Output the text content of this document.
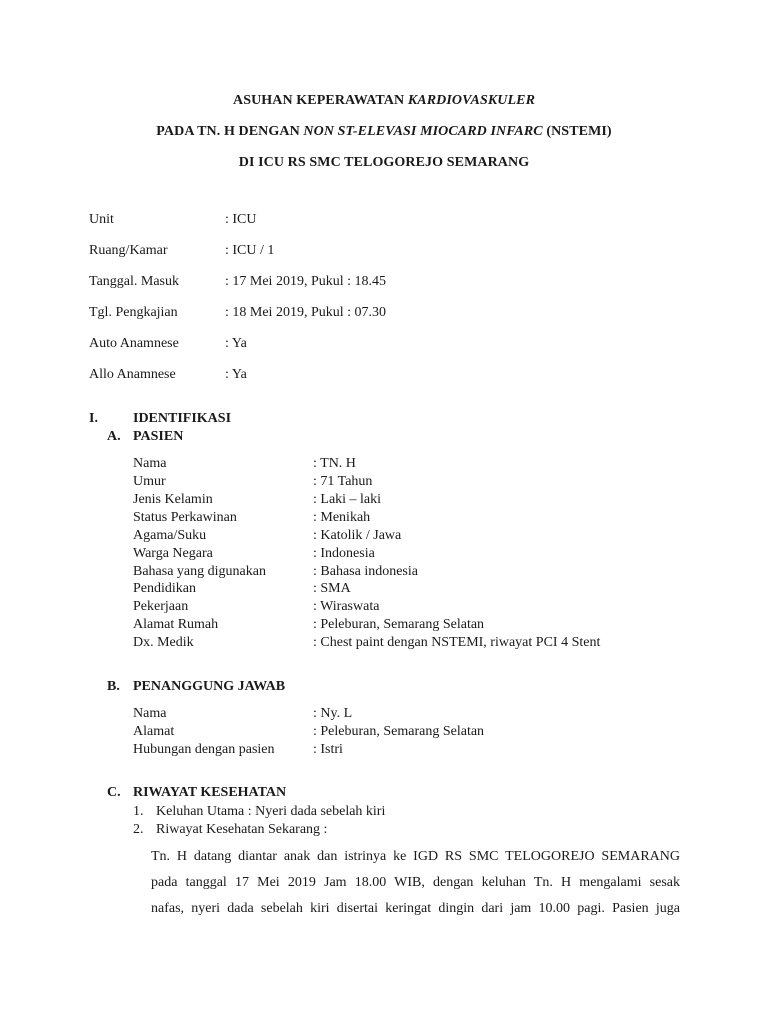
ASUHAN KEPERAWATAN KARDIOVASKULER
PADA TN. H DENGAN NON ST-ELEVASI MIOCARD INFARC (NSTEMI)
DI ICU RS SMC TELOGOREJO SEMARANG
Unit	: ICU
Ruang/Kamar	: ICU / 1
Tanggal. Masuk	: 17 Mei 2019, Pukul : 18.45
Tgl. Pengkajian	: 18 Mei 2019, Pukul : 07.30
Auto Anamnese	: Ya
Allo Anamnese	: Ya
I.	IDENTIFIKASI
A. PASIEN
Nama	: TN. H
Umur	: 71 Tahun
Jenis Kelamin	: Laki – laki
Status Perkawinan	: Menikah
Agama/Suku	: Katolik / Jawa
Warga Negara	: Indonesia
Bahasa yang digunakan	: Bahasa indonesia
Pendidikan	: SMA
Pekerjaan	: Wiraswata
Alamat Rumah	: Peleburan, Semarang Selatan
Dx. Medik	: Chest paint dengan NSTEMI, riwayat PCI 4 Stent
B. PENANGGUNG JAWAB
Nama	: Ny. L
Alamat	: Peleburan, Semarang Selatan
Hubungan dengan pasien	: Istri
C. RIWAYAT KESEHATAN
1. Keluhan Utama : Nyeri dada sebelah kiri
2. Riwayat Kesehatan Sekarang :
Tn. H datang diantar anak dan istrinya ke IGD RS SMC TELOGOREJO SEMARANG
pada tanggal 17 Mei 2019 Jam 18.00 WIB, dengan keluhan Tn. H mengalami sesak
nafas, nyeri dada sebelah kiri disertai keringat dingin dari jam 10.00 pagi. Pasien juga
